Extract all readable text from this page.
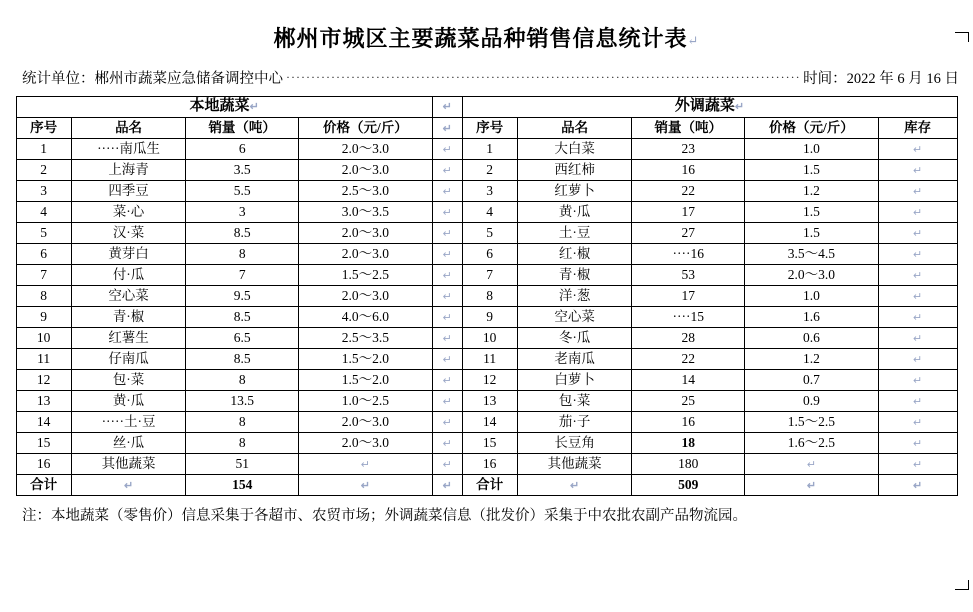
郴州市城区主要蔬菜品种销售信息统计表↵
统计单位：郴州市蔬菜应急储备调控中心 ······································································································· 时间：2022 年 6 月 16 日
本地蔬菜↵				↵	外调蔬菜↵				
序号	品名	销量（吨）	价格（元/斤）	↵	序号	品名	销量（吨）	价格（元/斤）	库存
1	·····南瓜生	6	2.0～3.0	↵	1	大白菜	23	1.0	↵
2	上海青	3.5	2.0～3.0	↵	2	西红柿	16	1.5	↵
3	四季豆	5.5	2.5～3.0	↵	3	红萝卜	22	1.2	↵
4	菜·心	3	3.0～3.5	↵	4	黄·瓜	17	1.5	↵
5	汉·菜	8.5	2.0～3.0	↵	5	土·豆	27	1.5	↵
6	黄芽白	8	2.0～3.0	↵	6	红·椒	····16	3.5～4.5	↵
7	付·瓜	7	1.5～2.5	↵	7	青·椒	53	2.0～3.0	↵
8	空心菜	9.5	2.0～3.0	↵	8	洋·葱	17	1.0	↵
9	青·椒	8.5	4.0～6.0	↵	9	空心菜	····15	1.6	↵
10	红薯生	6.5	2.5～3.5	↵	10	冬·瓜	28	0.6	↵
11	仔南瓜	8.5	1.5～2.0	↵	11	老南瓜	22	1.2	↵
12	包·菜	8	1.5～2.0	↵	12	白萝卜	14	0.7	↵
13	黄·瓜	13.5	1.0～2.5	↵	13	包·菜	25	0.9	↵
14	·····土·豆	8	2.0～3.0	↵	14	茄·子	16	1.5～2.5	↵
15	丝·瓜	8	2.0～3.0	↵	15	长豆角	18	1.6～2.5	↵
16	其他蔬菜	51	↵	↵	16	其他蔬菜	180	↵	↵
合计	↵	154	↵	↵	合计	↵	509	↵	↵
注：本地蔬菜（零售价）信息采集于各超市、农贸市场；外调蔬菜信息（批发价）采集于中农批农副产品物流园。
